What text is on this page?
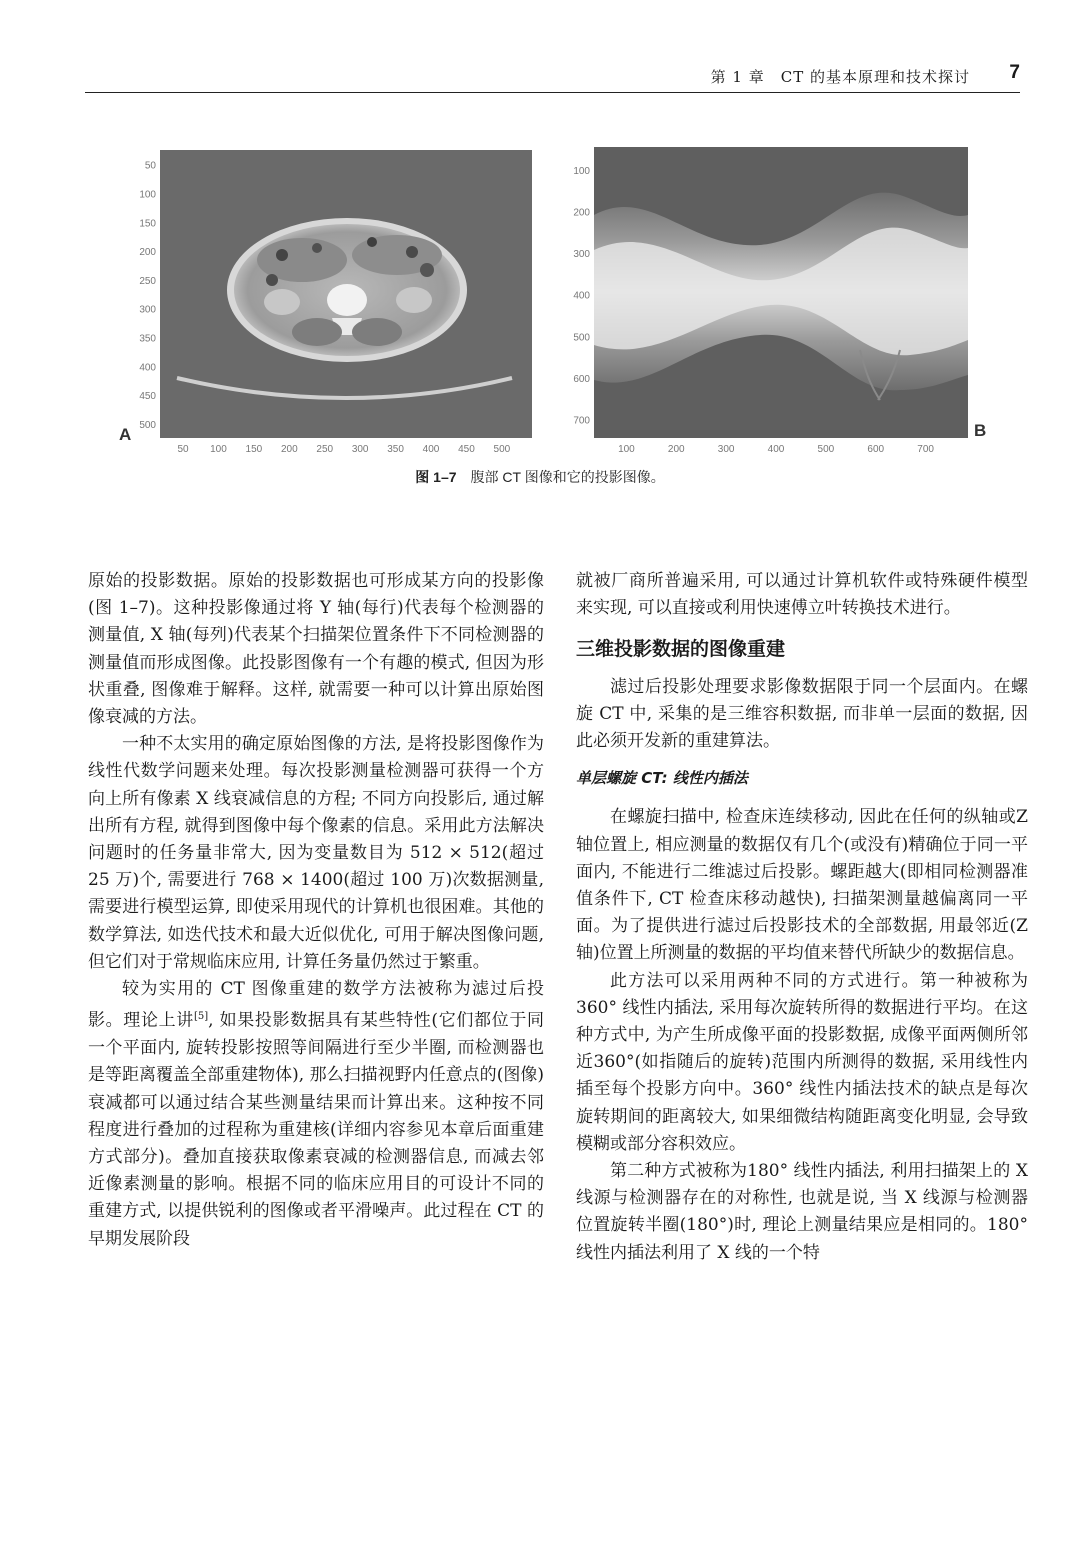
第 1 章　CT 的基本原理和技术探讨 7
50
100
150
200
250
300
350
400
450
500
50 100 150 200 250 300 350 400 450 500
A
100
200
300
400
500
600
700
100	200	300	400	500	600	700
B
图 1–7 腹部 CT 图像和它的投影图像。

原始的投影数据。原始的投影数据也可形成某方向的投影像(图 1–7)。这种投影像通过将 Y 轴(每行)代表每个检测器的测量值, X 轴(每列)代表某个扫描架位置条件下不同检测器的测量值而形成图像。此投影图像有一个有趣的模式, 但因为形状重叠, 图像难于解释。这样, 就需要一种可以计算出原始图像衰减的方法。

一种不太实用的确定原始图像的方法, 是将投影图像作为线性代数学问题来处理。每次投影测量检测器可获得一个方向上所有像素 X 线衰减信息的方程; 不同方向投影后, 通过解出所有方程, 就得到图像中每个像素的信息。采用此方法解决问题时的任务量非常大, 因为变量数目为 512 × 512(超过 25 万)个, 需要进行 768 × 1400(超过 100 万)次数据测量, 需要进行模型运算, 即使采用现代的计算机也很困难。其他的数学算法, 如迭代技术和最大近似优化, 可用于解决图像问题, 但它们对于常规临床应用, 计算任务量仍然过于繁重。

较为实用的 CT 图像重建的数学方法被称为滤过后投影。理论上讲[5], 如果投影数据具有某些特性(它们都位于同一个平面内, 旋转投影按照等间隔进行至少半圈, 而检测器也是等距离覆盖全部重建物体), 那么扫描视野内任意点的(图像)衰减都可以通过结合某些测量结果而计算出来。这种按不同程度进行叠加的过程称为重建核(详细内容参见本章后面重建方式部分)。叠加直接获取像素衰减的检测器信息, 而减去邻近像素测量的影响。根据不同的临床应用目的可设计不同的重建方式, 以提供锐利的图像或者平滑噪声。此过程在 CT 的早期发展阶段

就被厂商所普遍采用, 可以通过计算机软件或特殊硬件模型来实现, 可以直接或利用快速傅立叶转换技术进行。

三维投影数据的图像重建

滤过后投影处理要求影像数据限于同一个层面内。在螺旋 CT 中, 采集的是三维容积数据, 而非单一层面的数据, 因此必须开发新的重建算法。

单层螺旋 CT: 线性内插法

在螺旋扫描中, 检查床连续移动, 因此在任何的纵轴或Z轴位置上, 相应测量的数据仅有几个(或没有)精确位于同一平面内, 不能进行二维滤过后投影。螺距越大(即相同检测器准值条件下, CT 检查床移动越快), 扫描架测量越偏离同一平面。为了提供进行滤过后投影技术的全部数据, 用最邻近(Z轴)位置上所测量的数据的平均值来替代所缺少的数据信息。

此方法可以采用两种不同的方式进行。第一种被称为360° 线性内插法, 采用每次旋转所得的数据进行平均。在这种方式中, 为产生所成像平面的投影数据, 成像平面两侧所邻近360°(如指随后的旋转)范围内所测得的数据, 采用线性内插至每个投影方向中。360° 线性内插法技术的缺点是每次旋转期间的距离较大, 如果细微结构随距离变化明显, 会导致模糊或部分容积效应。

第二种方式被称为180° 线性内插法, 利用扫描架上的 X 线源与检测器存在的对称性, 也就是说, 当 X 线源与检测器位置旋转半圈(180°)时, 理论上测量结果应是相同的。180° 线性内插法利用了 X 线的一个特
